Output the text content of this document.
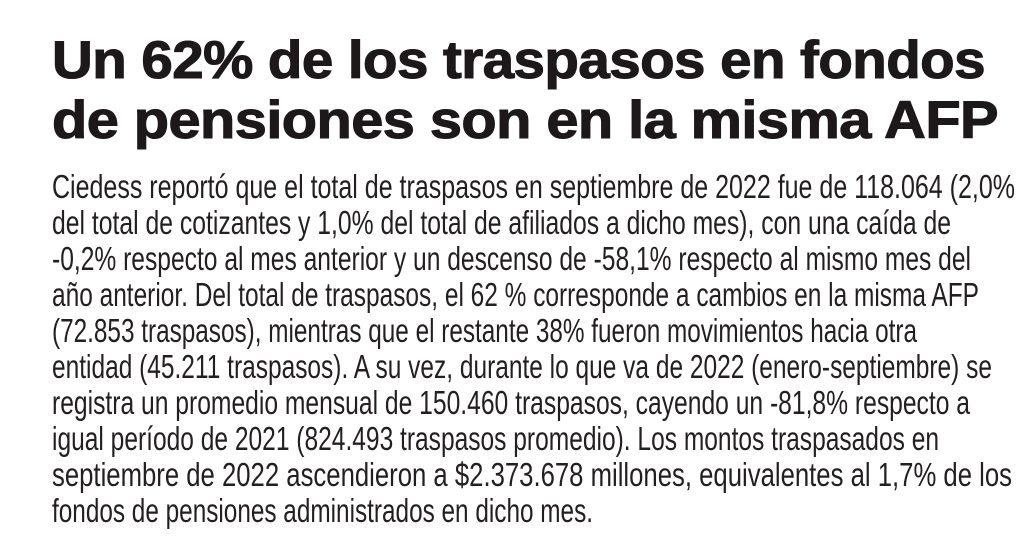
Un 62% de los traspasos en fondos
de pensiones son en la misma AFP
Ciedess reportó que el total de traspasos en septiembre de 2022 fue de 118.064 (2,0%
del total de cotizantes y 1,0% del total de afiliados a dicho mes), con una caída de
-0,2% respecto al mes anterior y un descenso de -58,1% respecto al mismo mes del
año anterior. Del total de traspasos, el 62 % corresponde a cambios en la misma AFP
(72.853 traspasos), mientras que el restante 38% fueron movimientos hacia otra
entidad (45.211 traspasos). A su vez, durante lo que va de 2022 (enero-septiembre) se
registra un promedio mensual de 150.460 traspasos, cayendo un -81,8% respecto a
igual período de 2021 (824.493 traspasos promedio). Los montos traspasados en
septiembre de 2022 ascendieron a $2.373.678 millones, equivalentes al 1,7% de los
fondos de pensiones administrados en dicho mes.
